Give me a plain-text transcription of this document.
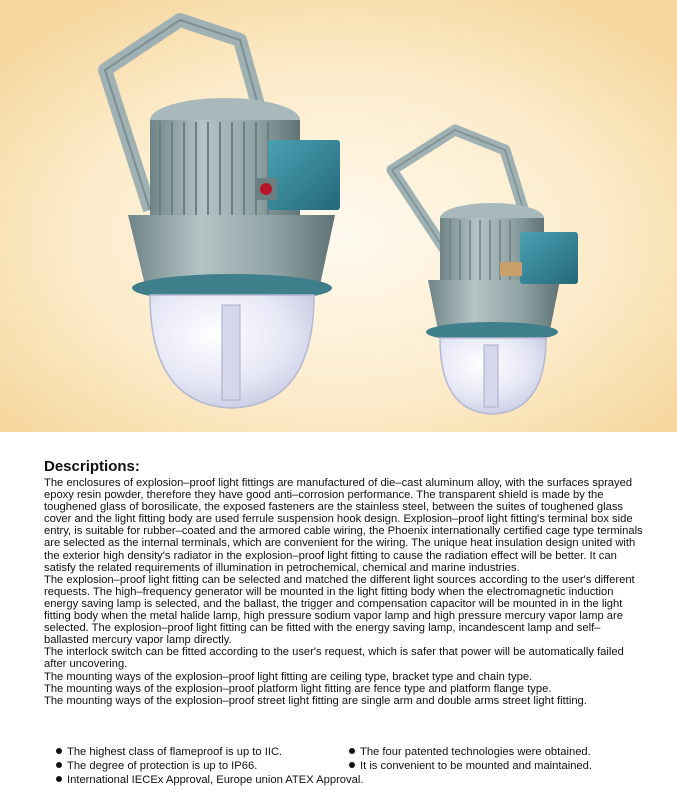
Descriptions:

The enclosures of explosion–proof light fittings are manufactured of die–cast aluminum alloy, with the surfaces sprayed epoxy resin powder, therefore they have good anti–corrosion performance. The transparent shield is made by the toughened glass of borosilicate, the exposed fasteners are the stainless steel, between the suites of toughened glass cover and the light fitting body are used ferrule suspension hook design. Explosion–proof light fitting's terminal box side entry, is suitable for rubber–coated and the armored cable wiring, the Phoenix internationally certified cage type terminals are selected as the internal terminals, which are convenient for the wiring. The unique heat insulation design united with the exterior high density's radiator in the explosion–proof light fitting to cause the radiation effect will be better. It can satisfy the related requirements of illumination in petrochemical, chemical and marine industries.

The explosion–proof light fitting can be selected and matched the different light sources according to the user's different requests. The high–frequency generator will be mounted in the light fitting body when the electromagnetic induction energy saving lamp is selected, and the ballast, the trigger and compensation capacitor will be mounted in in the light fitting body when the metal halide lamp, high pressure sodium vapor lamp and high pressure mercury vapor lamp are selected. The explosion–proof light fitting can be fitted with the energy saving lamp, incandescent lamp and self–ballasted mercury vapor lamp directly.

The interlock switch can be fitted according to the user's request, which is safer that power will be automatically failed after uncovering.

The mounting ways of the explosion–proof light fitting are ceiling type, bracket type and chain type.

The mounting ways of the explosion–proof platform light fitting are fence type and platform flange type.

The mounting ways of the explosion–proof street light fitting are single arm and double arms street light fitting.

The highest class of flameproof is up to IIC.
The degree of protection is up to IP66.
International IECEx Approval, Europe union ATEX Approval.
The four patented technologies were obtained.
It is convenient to be mounted and maintained.
